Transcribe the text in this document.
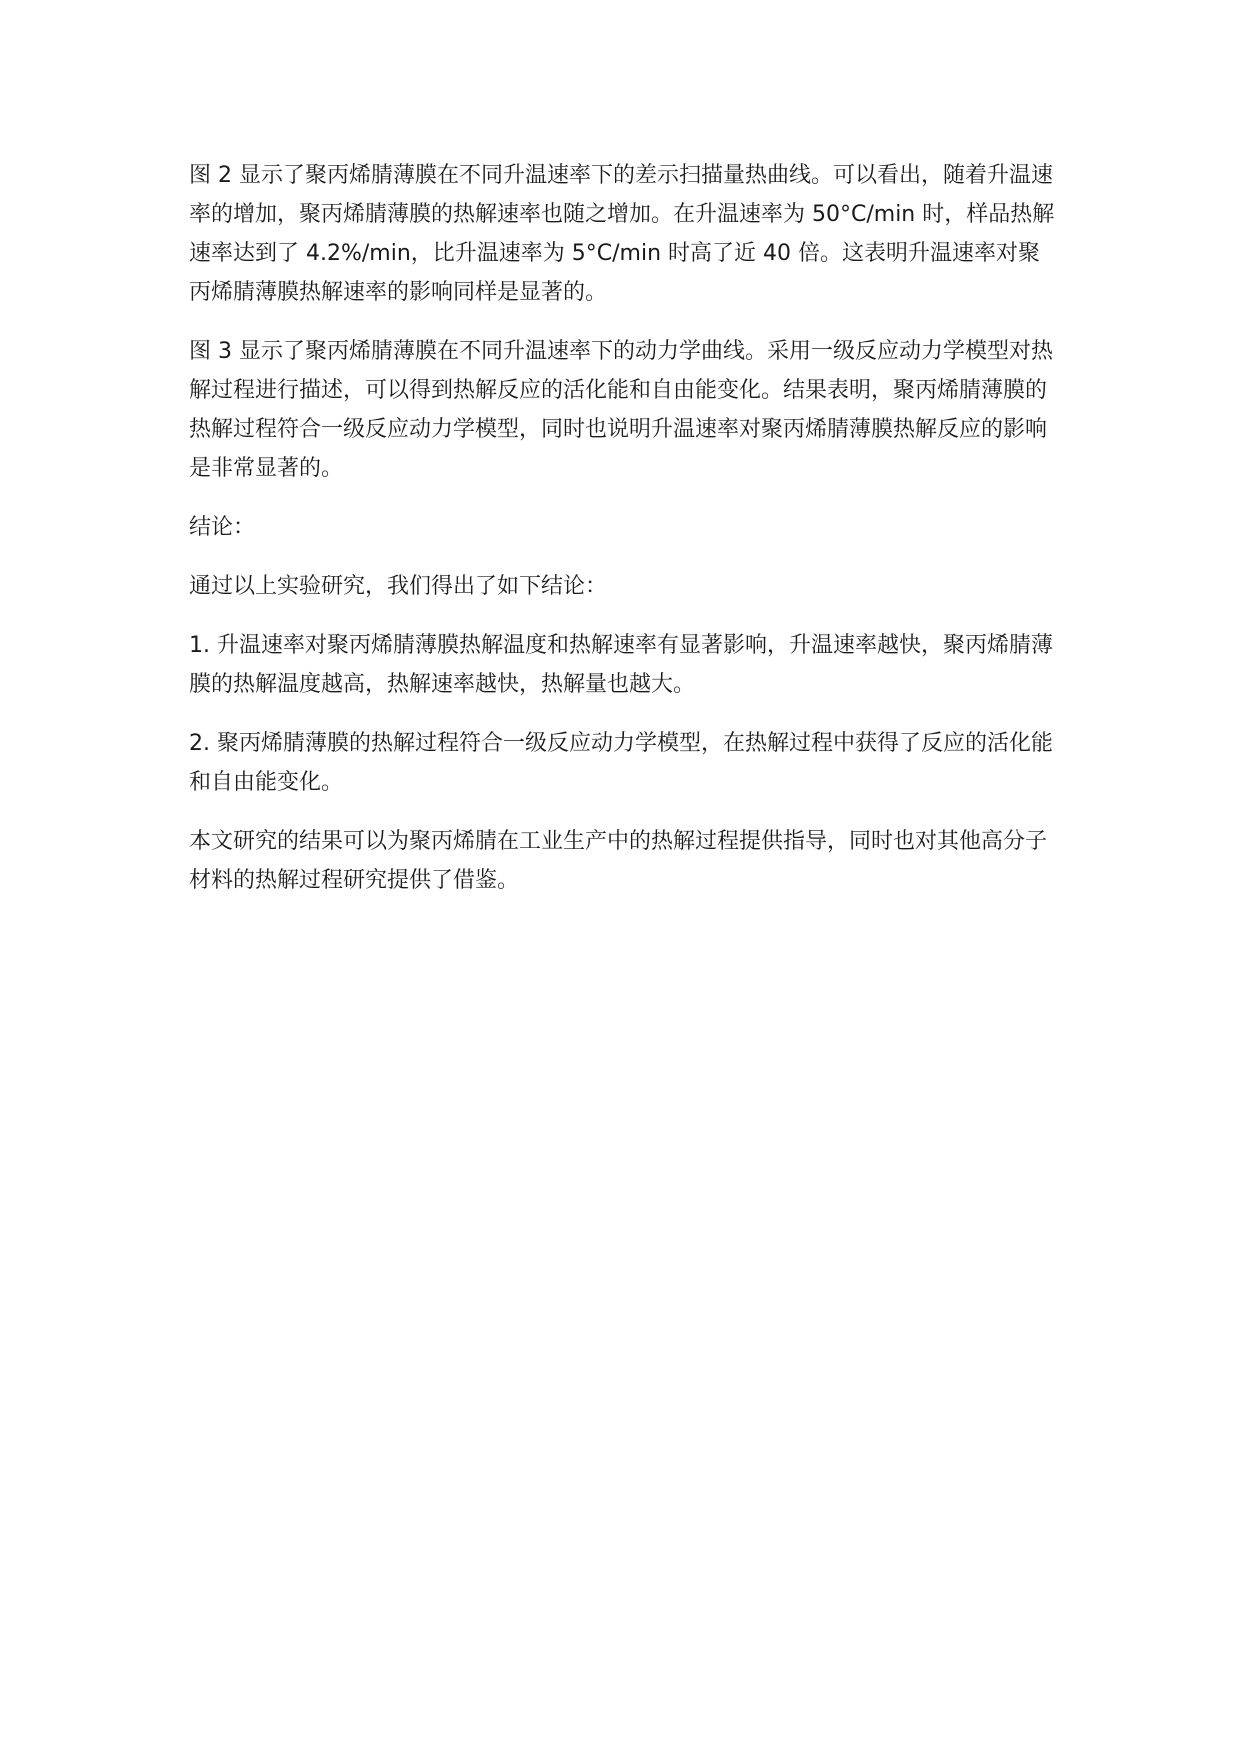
图 2 显示了聚丙烯腈薄膜在不同升温速率下的差示扫描量热曲线。可以看出，随着升温速率的增加，聚丙烯腈薄膜的热解速率也随之增加。在升温速率为 50°C/min 时，样品热解速率达到了 4.2%/min，比升温速率为 5°C/min 时高了近 40 倍。这表明升温速率对聚丙烯腈薄膜热解速率的影响同样是显著的。

图 3 显示了聚丙烯腈薄膜在不同升温速率下的动力学曲线。采用一级反应动力学模型对热解过程进行描述，可以得到热解反应的活化能和自由能变化。结果表明，聚丙烯腈薄膜的热解过程符合一级反应动力学模型，同时也说明升温速率对聚丙烯腈薄膜热解反应的影响是非常显著的。

结论：

通过以上实验研究，我们得出了如下结论：

1. 升温速率对聚丙烯腈薄膜热解温度和热解速率有显著影响，升温速率越快，聚丙烯腈薄膜的热解温度越高，热解速率越快，热解量也越大。

2. 聚丙烯腈薄膜的热解过程符合一级反应动力学模型，在热解过程中获得了反应的活化能和自由能变化。

本文研究的结果可以为聚丙烯腈在工业生产中的热解过程提供指导，同时也对其他高分子材料的热解过程研究提供了借鉴。
